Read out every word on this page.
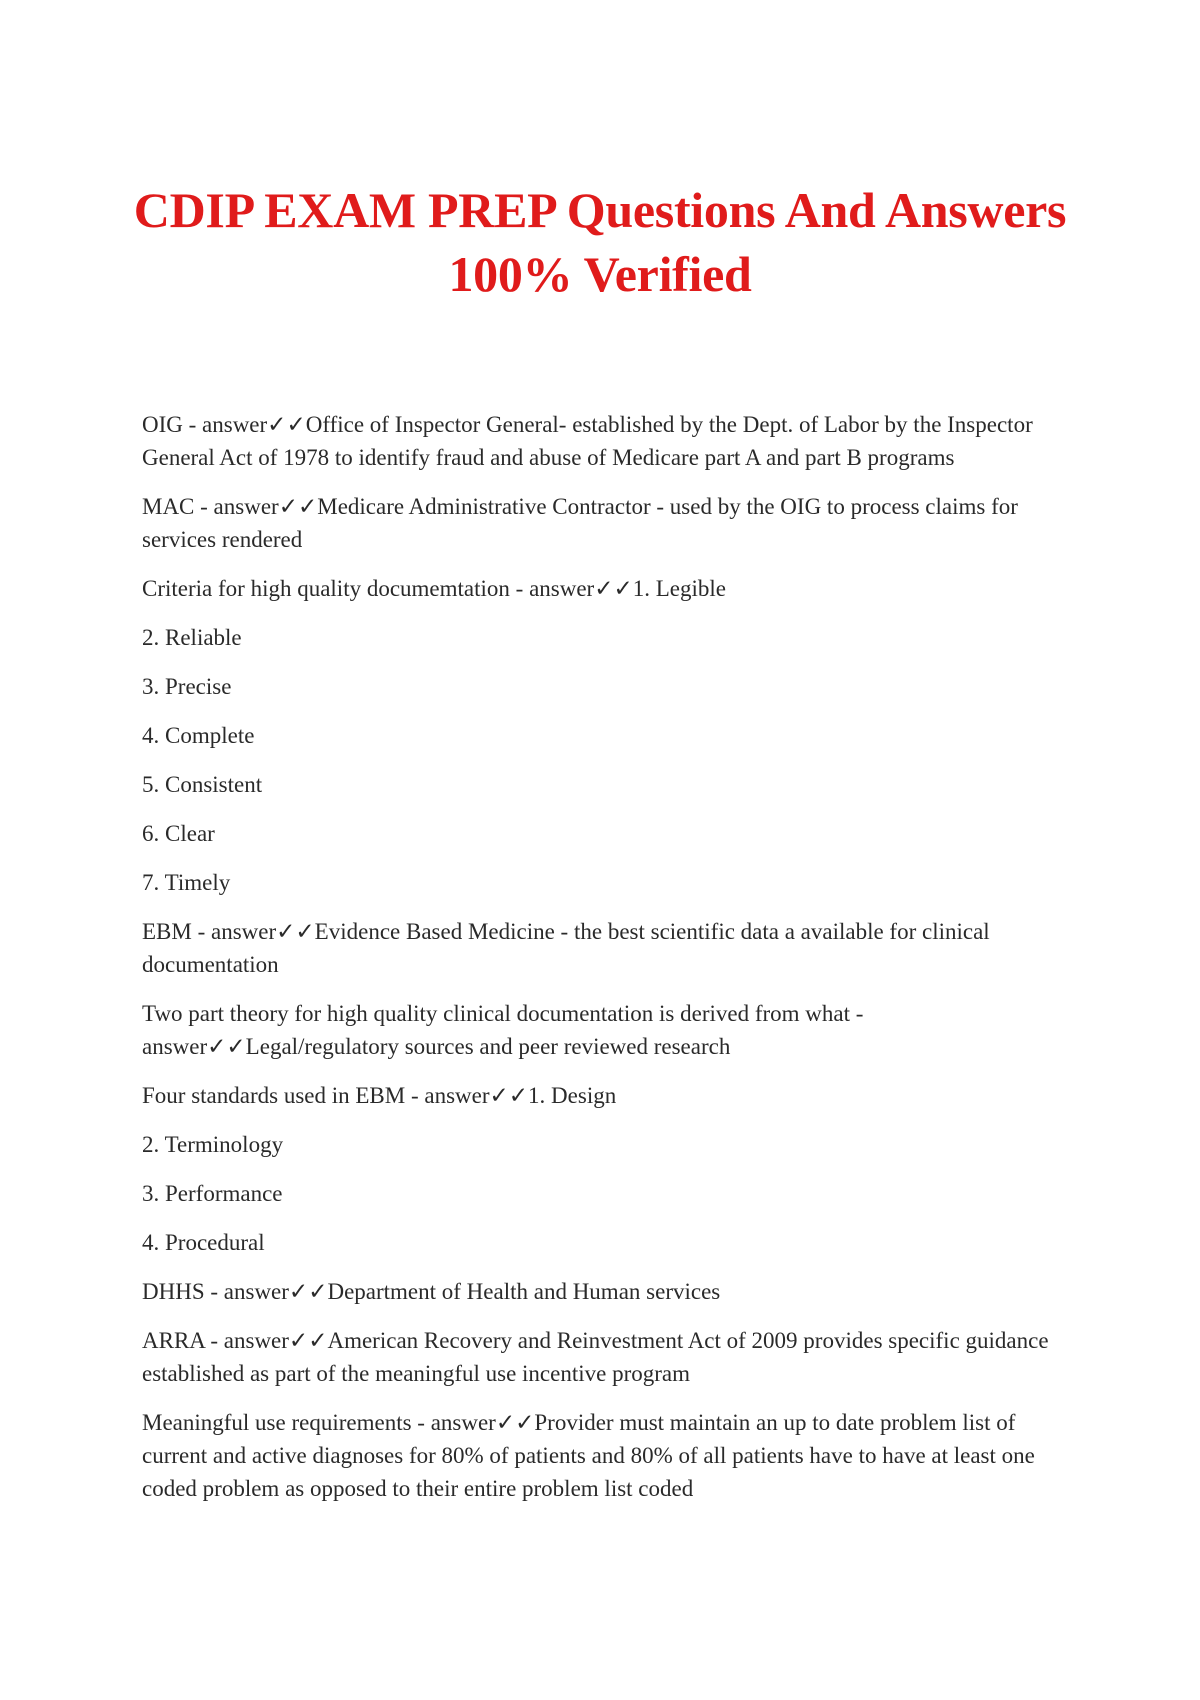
CDIP EXAM PREP Questions And Answers
100% Verified

OIG - answer✓✓Office of Inspector General- established by the Dept. of Labor by the Inspector General Act of 1978 to identify fraud and abuse of Medicare part A and part B programs

MAC - answer✓✓Medicare Administrative Contractor - used by the OIG to process claims for services rendered

Criteria for high quality documemtation - answer✓✓1. Legible

2. Reliable

3. Precise

4. Complete

5. Consistent

6. Clear

7. Timely

EBM - answer✓✓Evidence Based Medicine - the best scientific data a available for clinical documentation

Two part theory for high quality clinical documentation is derived from what - answer✓✓Legal/regulatory sources and peer reviewed research

Four standards used in EBM - answer✓✓1. Design

2. Terminology

3. Performance

4. Procedural

DHHS - answer✓✓Department of Health and Human services

ARRA - answer✓✓American Recovery and Reinvestment Act of 2009 provides specific guidance established as part of the meaningful use incentive program

Meaningful use requirements - answer✓✓Provider must maintain an up to date problem list of current and active diagnoses for 80% of patients and 80% of all patients have to have at least one coded problem as opposed to their entire problem list coded
